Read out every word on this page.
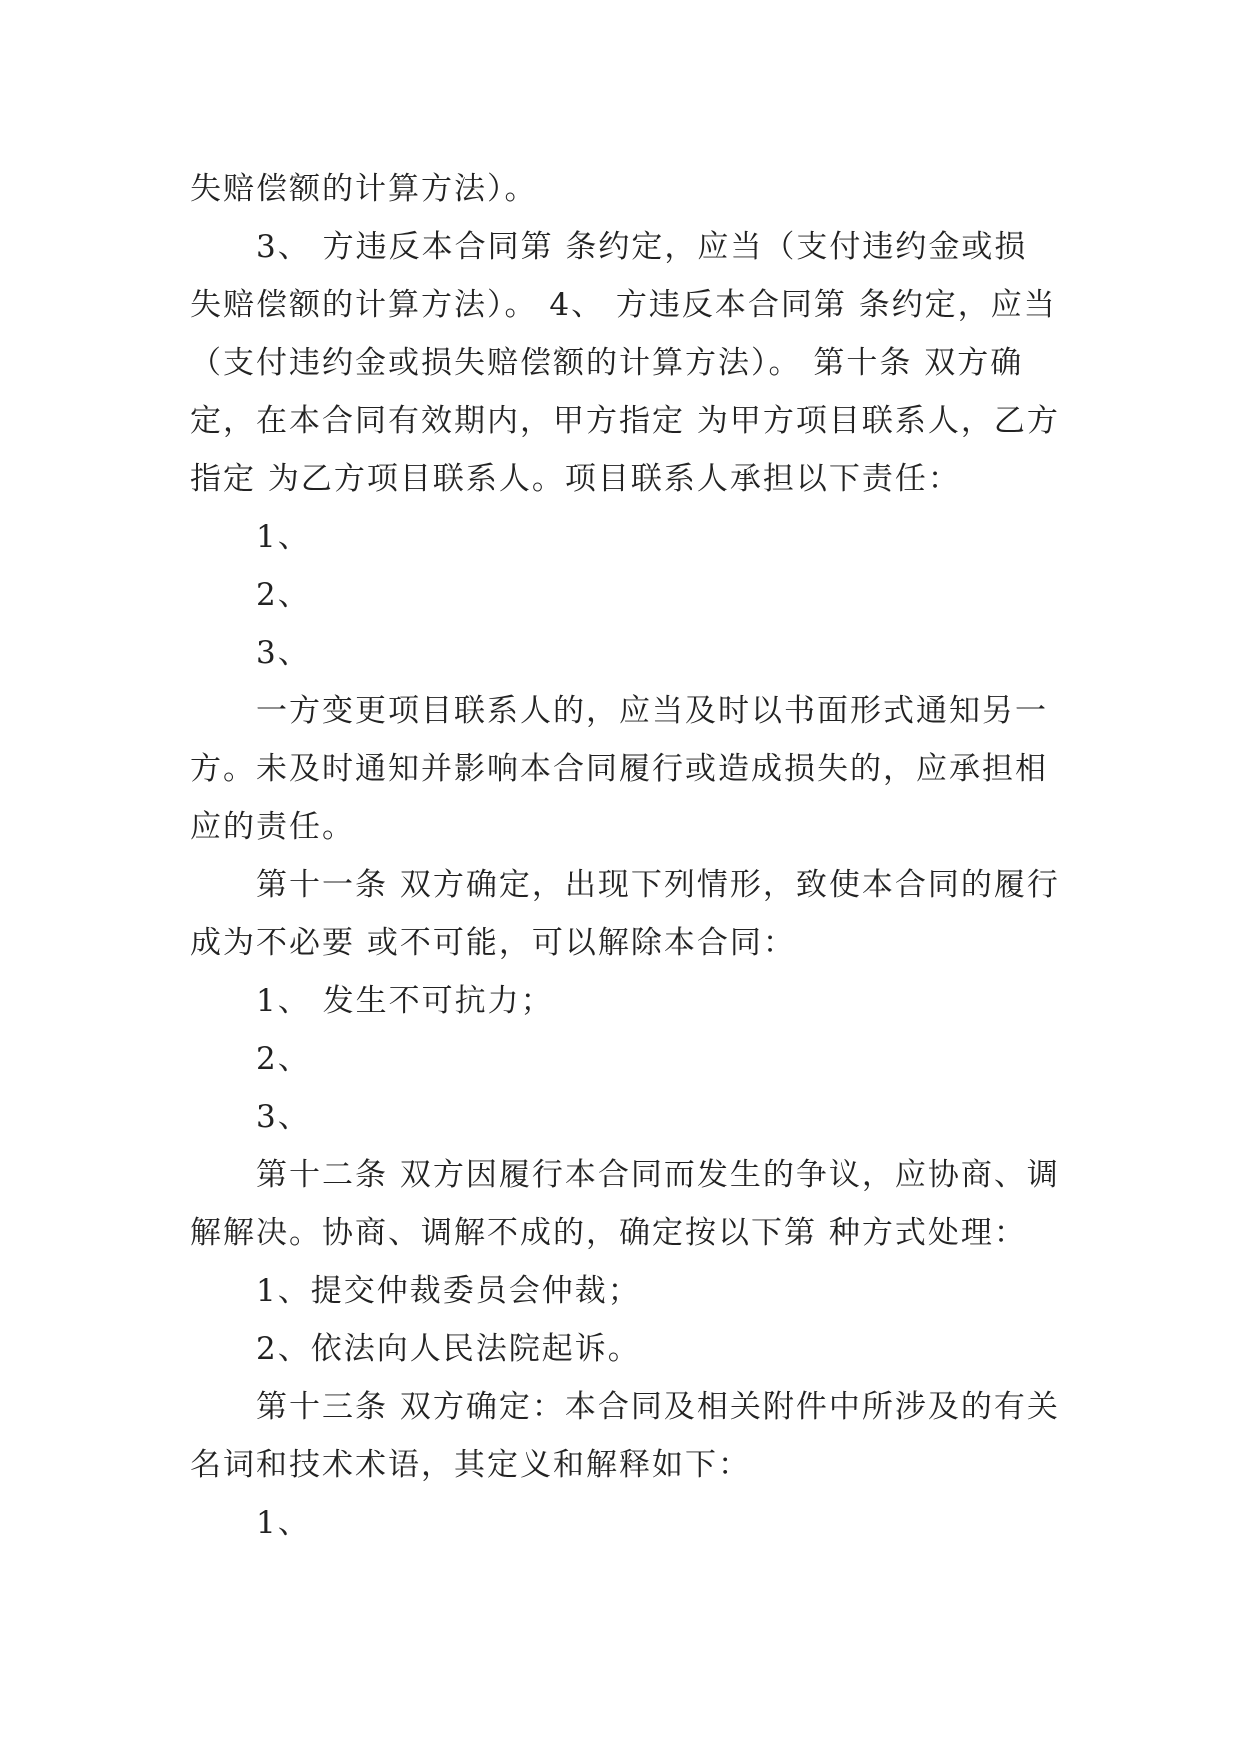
失赔偿额的计算方法）。

3、 方违反本合同第 条约定，应当（支付违约金或损失赔偿额的计算方法）。 4、 方违反本合同第 条约定，应当（支付违约金或损失赔偿额的计算方法）。 第十条 双方确定，在本合同有效期内，甲方指定 为甲方项目联系人，乙方指定 为乙方项目联系人。项目联系人承担以下责任：

1、

2、

3、

一方变更项目联系人的，应当及时以书面形式通知另一方。未及时通知并影响本合同履行或造成损失的，应承担相应的责任。

第十一条 双方确定，出现下列情形，致使本合同的履行成为不必要 或不可能，可以解除本合同：

1、 发生不可抗力；

2、

3、

第十二条 双方因履行本合同而发生的争议，应协商、调解解决。协商、调解不成的，确定按以下第 种方式处理：

1、提交仲裁委员会仲裁；

2、依法向人民法院起诉。

第十三条 双方确定：本合同及相关附件中所涉及的有关名词和技术术语，其定义和解释如下：

1、
